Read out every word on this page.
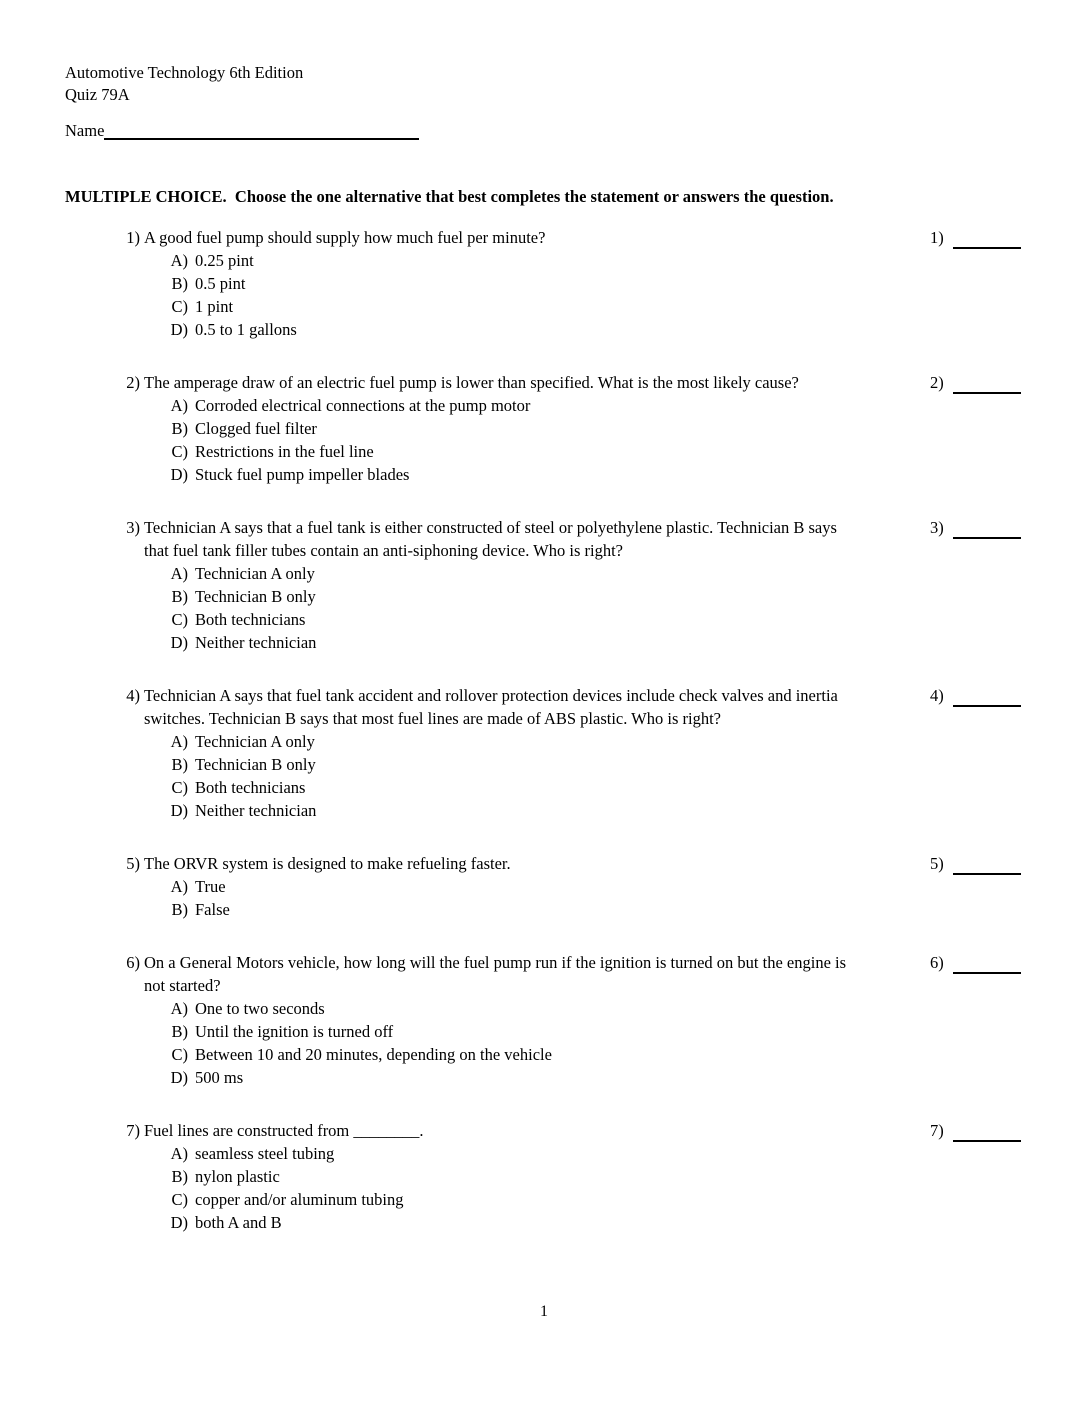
Automotive Technology 6th Edition
Quiz 79A
Name
MULTIPLE CHOICE.  Choose the one alternative that best completes the statement or answers the question.
1) A good fuel pump should supply how much fuel per minute?
A) 0.25 pint
B) 0.5 pint
C) 1 pint
D) 0.5 to 1 gallons
1)
2) The amperage draw of an electric fuel pump is lower than specified. What is the most likely cause?
A) Corroded electrical connections at the pump motor
B) Clogged fuel filter
C) Restrictions in the fuel line
D) Stuck fuel pump impeller blades
2)
3) Technician A says that a fuel tank is either constructed of steel or polyethylene plastic. Technician B says that fuel tank filler tubes contain an anti-siphoning device. Who is right?
A) Technician A only
B) Technician B only
C) Both technicians
D) Neither technician
3)
4) Technician A says that fuel tank accident and rollover protection devices include check valves and inertia switches. Technician B says that most fuel lines are made of ABS plastic. Who is right?
A) Technician A only
B) Technician B only
C) Both technicians
D) Neither technician
4)
5) The ORVR system is designed to make refueling faster.
A) True
B) False
5)
6) On a General Motors vehicle, how long will the fuel pump run if the ignition is turned on but the engine is not started?
A) One to two seconds
B) Until the ignition is turned off
C) Between 10 and 20 minutes, depending on the vehicle
D) 500 ms
6)
7) Fuel lines are constructed from ________.
A) seamless steel tubing
B) nylon plastic
C) copper and/or aluminum tubing
D) both A and B
7)
1
